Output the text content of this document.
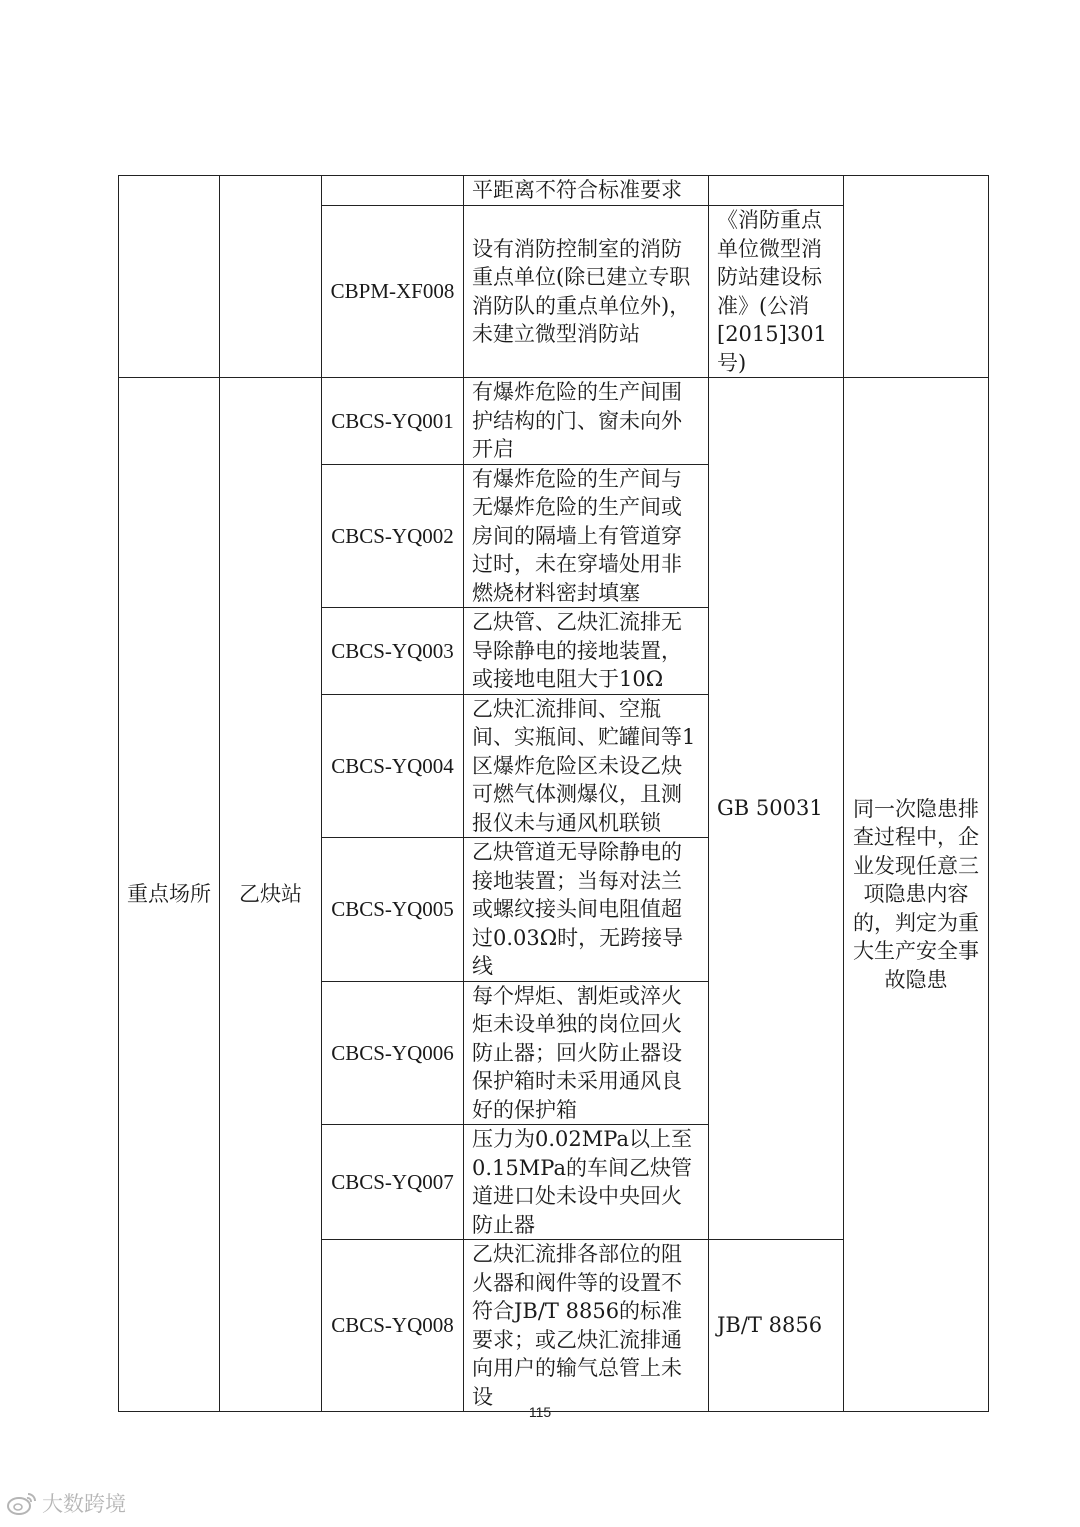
			平距离不符合标准要求		
		CBPM-XF008	设有消防控制室的消防重点单位(除已建立专职消防队的重点单位外)，未建立微型消防站	《消防重点单位微型消防站建设标准》(公消[2015]301号)	
重点场所	乙炔站	CBCS-YQ001	有爆炸危险的生产间围护结构的门、窗未向外开启	GB 50031	同一次隐患排查过程中，企业发现任意三项隐患内容的，判定为重大生产安全事故隐患
		CBCS-YQ002	有爆炸危险的生产间与无爆炸危险的生产间或房间的隔墙上有管道穿过时，未在穿墙处用非燃烧材料密封填塞		
		CBCS-YQ003	乙炔管、乙炔汇流排无导除静电的接地装置，或接地电阻大于10Ω		
		CBCS-YQ004	乙炔汇流排间、空瓶间、实瓶间、贮罐间等1区爆炸危险区未设乙炔可燃气体测爆仪，且测报仪未与通风机联锁		
		CBCS-YQ005	乙炔管道无导除静电的接地装置；当每对法兰或螺纹接头间电阻值超过0.03Ω时，无跨接导线		
		CBCS-YQ006	每个焊炬、割炬或淬火炬未设单独的岗位回火防止器；回火防止器设保护箱时未采用通风良好的保护箱		
		CBCS-YQ007	压力为0.02MPa以上至0.15MPa的车间乙炔管道进口处未设中央回火防止器		
		CBCS-YQ008	乙炔汇流排各部位的阻火器和阀件等的设置不符合JB/T 8856的标准要求；或乙炔汇流排通向用户的输气总管上未设	JB/T 8856	
115
大数跨境
